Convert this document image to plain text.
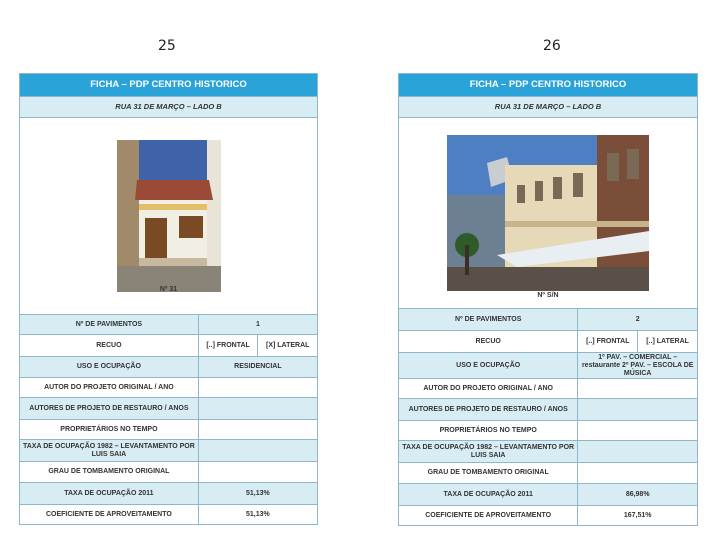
25	26
FICHA – PDP CENTRO HISTORICO		
RUA 31 DE MARÇO – LADO B		

Nº 31		

Nº DE PAVIMENTOS	1	
RECUO	[..] FRONTAL	[X] LATERAL
USO E OCUPAÇÃO	RESIDENCIAL	
AUTOR DO PROJETO ORIGINAL / ANO		
AUTORES DE PROJETO DE RESTAURO / ANOS		
PROPRIETÁRIOS NO TEMPO		
TAXA DE OCUPAÇÃO 1982 – LEVANTAMENTO POR LUIS SAIA		
GRAU DE TOMBAMENTO ORIGINAL		
TAXA DE OCUPAÇÃO 2011	51,13%	
COEFICIENTE DE APROVEITAMENTO	51,13%	
FICHA – PDP CENTRO HISTORICO		
RUA 31 DE MARÇO – LADO B		

Nº S/N		

Nº DE PAVIMENTOS	2	
RECUO	[..] FRONTAL	[..] LATERAL
USO E OCUPAÇÃO	1º PAV. – COMERCIAL – restaurante 2º PAV. – ESCOLA DE MÚSICA	
AUTOR DO PROJETO ORIGINAL / ANO		
AUTORES DE PROJETO DE RESTAURO / ANOS		
PROPRIETÁRIOS NO TEMPO		
TAXA DE OCUPAÇÃO 1982 – LEVANTAMENTO POR LUIS SAIA		
GRAU DE TOMBAMENTO ORIGINAL		
TAXA DE OCUPAÇÃO 2011	86,98%	
COEFICIENTE DE APROVEITAMENTO	167,51%	
